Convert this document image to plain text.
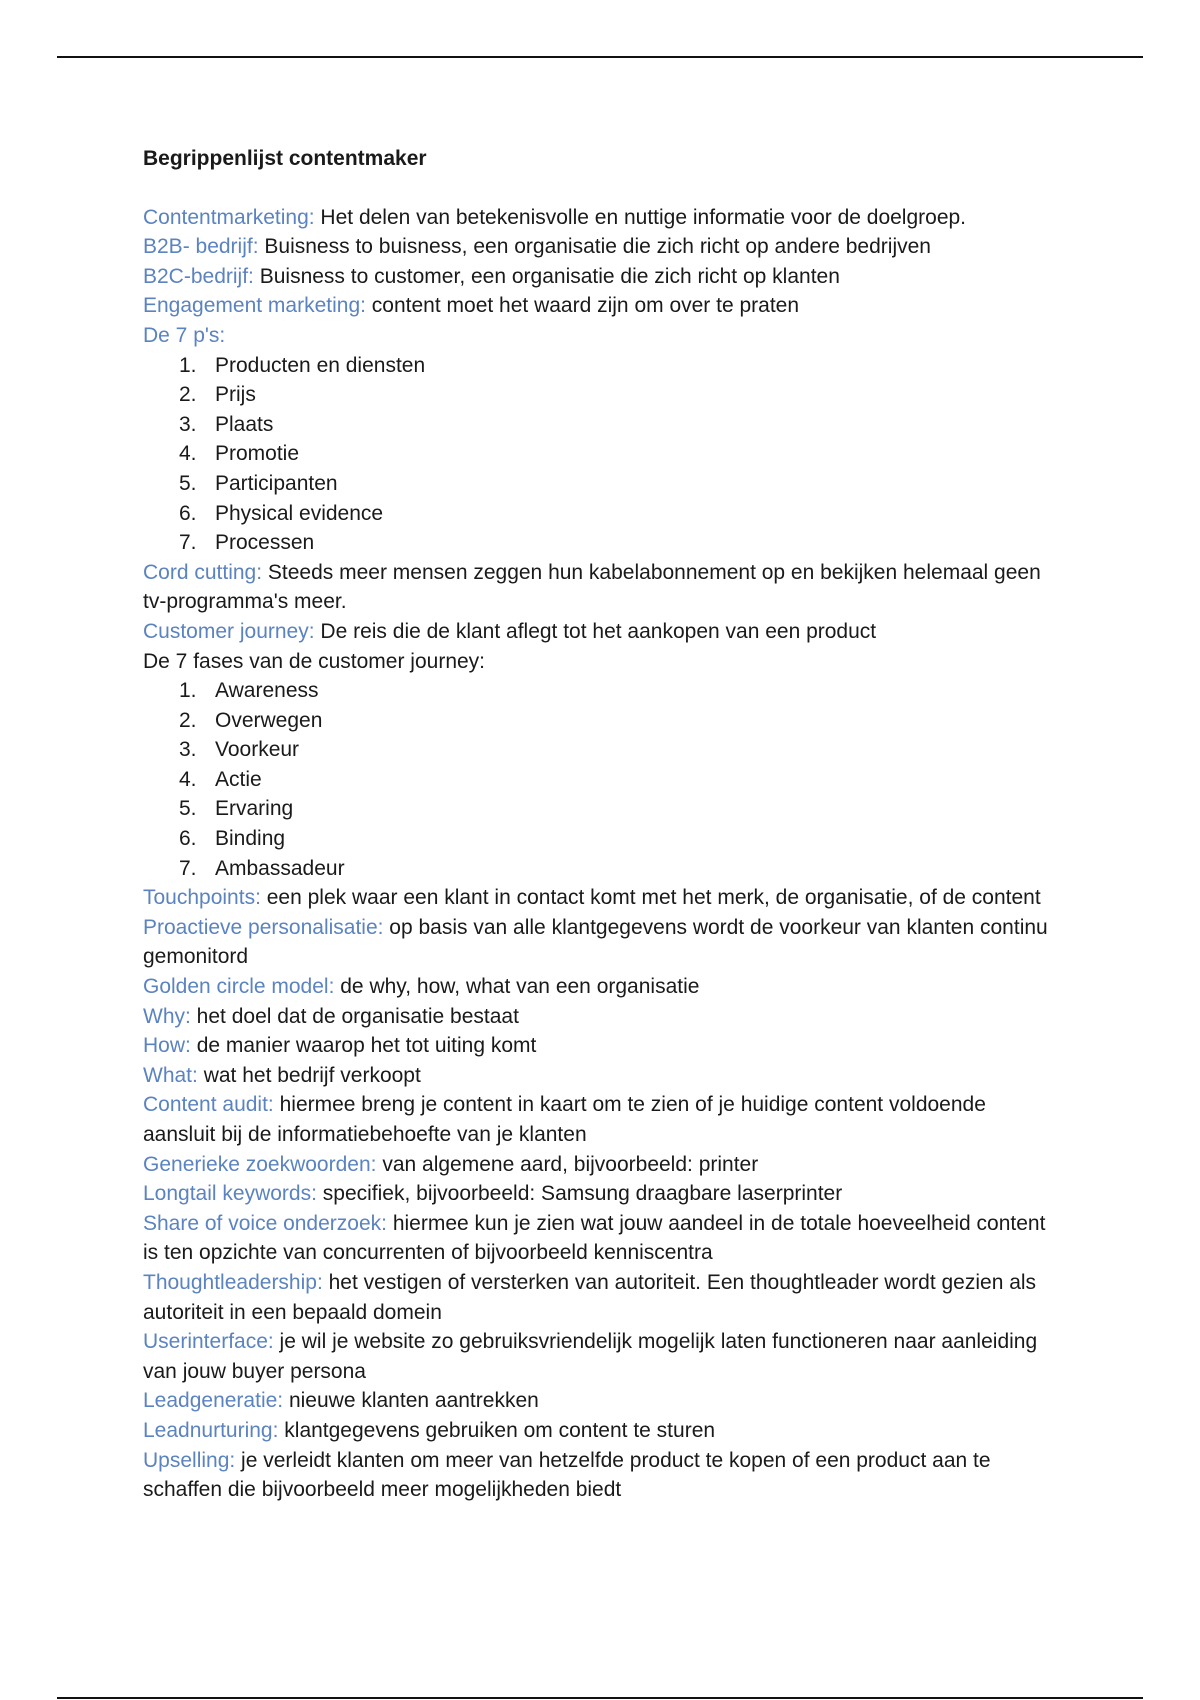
Begrippenlijst contentmaker

Contentmarketing: Het delen van betekenisvolle en nuttige informatie voor de doelgroep.

B2B- bedrijf: Buisness to buisness, een organisatie die zich richt op andere bedrijven

B2C-bedrijf: Buisness to customer, een organisatie die zich richt op klanten

Engagement marketing: content moet het waard zijn om over te praten

De 7 p's:

1. Producten en diensten
2. Prijs
3. Plaats
4. Promotie
5. Participanten
6. Physical evidence
7. Processen

Cord cutting: Steeds meer mensen zeggen hun kabelabonnement op en bekijken helemaal geen tv-programma's meer.

Customer journey: De reis die de klant aflegt tot het aankopen van een product

De 7 fases van de customer journey:

1. Awareness
2. Overwegen
3. Voorkeur
4. Actie
5. Ervaring
6. Binding
7. Ambassadeur

Touchpoints: een plek waar een klant in contact komt met het merk, de organisatie, of de content

Proactieve personalisatie: op basis van alle klantgegevens wordt de voorkeur van klanten continu gemonitord

Golden circle model: de why, how, what van een organisatie

Why: het doel dat de organisatie bestaat

How: de manier waarop het tot uiting komt

What: wat het bedrijf verkoopt

Content audit: hiermee breng je content in kaart om te zien of je huidige content voldoende aansluit bij de informatiebehoefte van je klanten

Generieke zoekwoorden: van algemene aard, bijvoorbeeld: printer

Longtail keywords: specifiek, bijvoorbeeld: Samsung draagbare laserprinter

Share of voice onderzoek: hiermee kun je zien wat jouw aandeel in de totale hoeveelheid content is ten opzichte van concurrenten of bijvoorbeeld kenniscentra

Thoughtleadership: het vestigen of versterken van autoriteit. Een thoughtleader wordt gezien als autoriteit in een bepaald domein

Userinterface: je wil je website zo gebruiksvriendelijk mogelijk laten functioneren naar aanleiding van jouw buyer persona

Leadgeneratie: nieuwe klanten aantrekken

Leadnurturing: klantgegevens gebruiken om content te sturen

Upselling: je verleidt klanten om meer van hetzelfde product te kopen of een product aan te schaffen die bijvoorbeeld meer mogelijkheden biedt
